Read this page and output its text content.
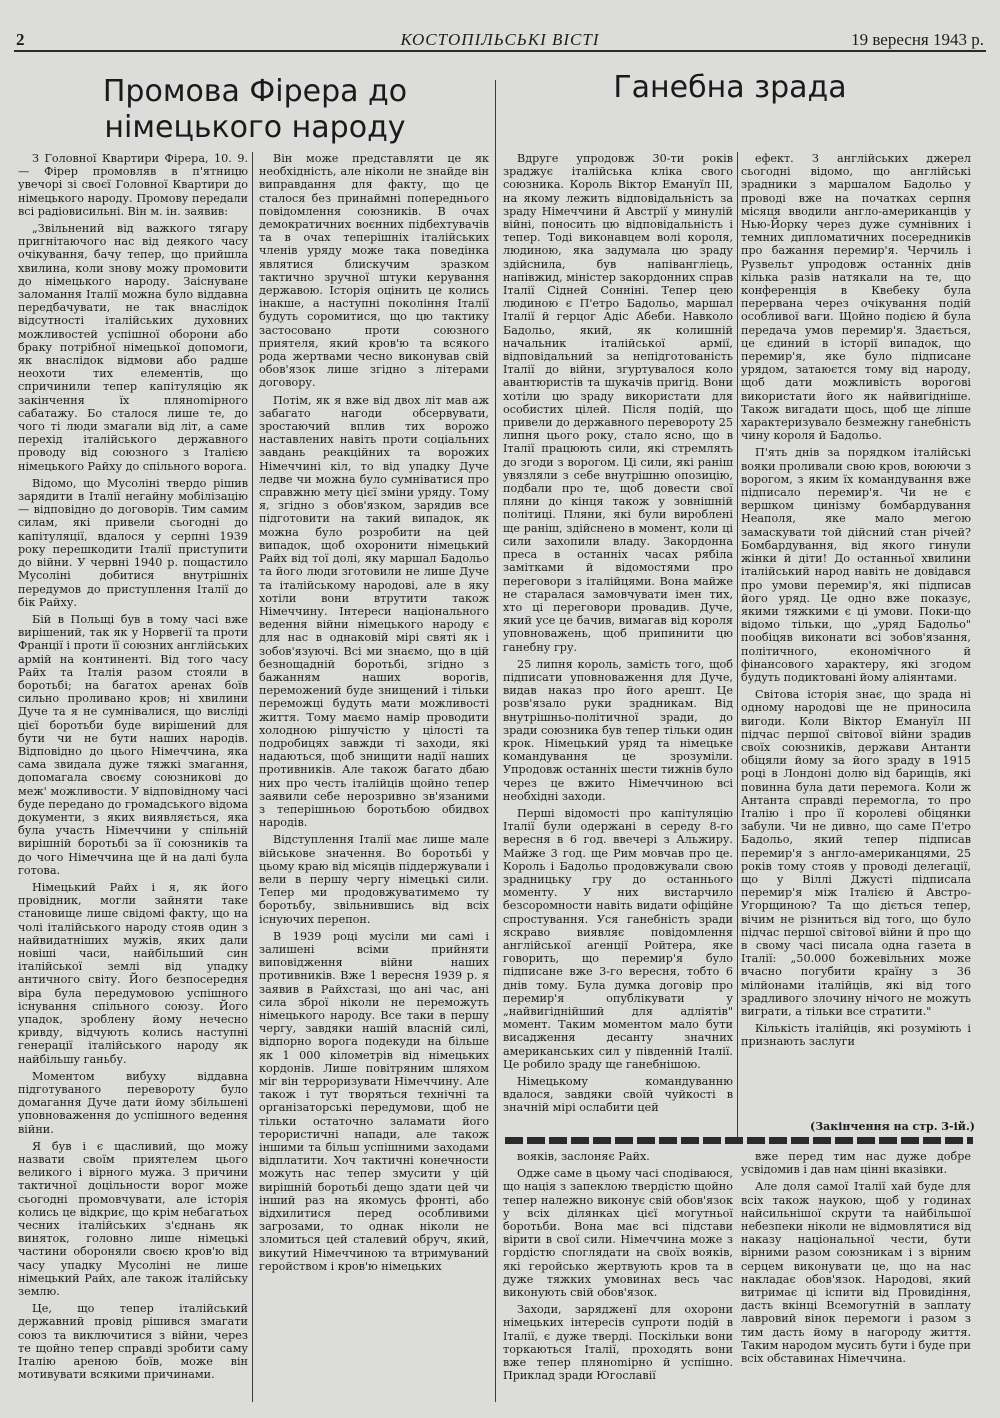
2	КОСТОПІЛЬСЬКІ ВІСТІ	19 вересня 1943 р.
Промова Фірера до
німецького народу
Ганебна зрада

З Головної Квартири Фірера, 10. 9. — Фірер промовляв в п'ятницю увечорі зі своєї Головної Квартири до німецького народу. Промову передали всі радіовисильні. Він м. ін. заявив:

„Звільнений від важкого тягару пригнітаючого нас від деякого часу очікування, бачу тепер, що прийшла хвилина, коли знову можу промовити до німецького народу. Заіснуване заломання Італії можна було віддавна передбачувати, не так внаслідок відсутності італійських духовних можливостей успішної оборони або браку потрібної німецької допомоги, як внаслідок відмови або радше неохоти тих елементів, що спричинили тепер капітуляцію як закінчення їх плянomірного сабатажу. Бо сталося лише те, до чого ті люди змагали від літ, а саме перехід італійського державного проводу від союзного з Італією німецького Райху до спільного ворога.

Відомо, що Мусоліні твердо рішив зарядити в Італії негайну мобілізацію — відповідно до договорів. Тим самим силам, які привели сьогодні до капітуляції, вдалося у серпні 1939 року перешкодити Італії приступити до війни. У червні 1940 р. пощастило Мусоліні добитися внутрішніх передумов до приступлення Італії до бік Райху.

Бій в Польщі був в тому часі вже вирішений, так як у Норвегії та проти Франції і проти її союзних англійських армій на континенті. Від того часу Райх та Італія разом стояли в боротьбі; на багатох аренах боїв сильно проливано кров; ні хвилини Дуче та я не сумнівалися, що висліді цієї боротьби буде вирішений для бути чи не бути наших народів. Відповідно до цього Німеччина, яка сама звидала дуже тяжкі змагання, допомагала своєму союзникові до меж' можливости. У відповідному часі буде передано до громадського відома документи, з яких виявляється, яка була участь Німеччини у спільній вирішній боротьбі за її союзників та до чого Німеччина ще й на далі була готова.

Німецький Райх і я, як його провідник, могли зайняти таке становище лише свідомі факту, що на чолі італійського народу стояв один з найвидатніших мужів, яких дали новіші часи, найбільший син італійської землі від упадку античного світу. Його безпосередня віра була передумовою успішного існування спільного союзу. Його упадок, зроблену йому нечесно кривду, відчують колись наступні генерації італійського народу як найбільшу ганьбу.

Моментом вибуху віддавна підготуваного перевороту було домагання Дуче дати йому збільшені уповноваження до успішного ведення війни.

Я був і є щасливий, що можу назвати своїм приятелем цього великого і вірного мужа. З причини тактичної доцільности ворог може сьогодні промовчувати, але історія колись це відкриє, що крім небагатьох чесних італійських з'єднань як виняток, головно лише німецькі частини обороняли своєю кров'ю від часу упадку Мусоліні не лише німецький Райх, але також італійську землю.

Це, що тепер італійський державний провід рішився змагати союз та виключитися з війни, через те щойно тепер справді зробити саму Італію ареною боїв, може він мотивувати всякими причинами.

Він може представляти це як необхідність, але ніколи не знайде він виправдання для факту, що це сталося без принаймні попереднього повідомлення союзників. В очах демократичних воєнних підбехтувачів та в очах теперішніх італійських членів уряду може така поведінка являтися блискучим зразком тактично зручної штуки керування державою. Історія оцінить це колись інакше, а наступні покоління Італії будуть соромитися, що цю тактику застосовано проти союзного приятеля, який кров'ю та всякого рода жертвами чесно виконував свій обов'язок лише згідно з літерами договору.

Потім, як я вже від двох літ мав аж забагато нагоди обсервувати, зростаючий вплив тих ворожо наставлених навіть проти соціальних завдань реакційних та ворожих Німеччині кіл, то від упадку Дуче ледве чи можна було сумніватися про справжню мету цієї зміни уряду. Тому я, згідно з обов'язком, зарядив все підготовити на такий випадок, як можна було розробити на цей випадок, щоб охоронити німецький Райх від тої долі, яку маршал Бадольо та його люди зготовили не лише Дуче та італійському народові, але в яку хотіли вони втрутити також Німеччину. Інтереси національного ведення війни німецького народу є для нас в однаковій мірі святі як і зобов'язуючі. Всі ми знаємо, що в цій безнощадній боротьбі, згідно з бажанням наших ворогів, переможений буде знищений і тільки переможці будуть мати можливості життя. Тому маємо намір проводити холодною рішучістю у цілості та подробицях завжди ті заходи, які надаються, щоб знищити надії наших противників. Але також багато дбаю них про честь італійців щойно тепер заявили себе нерозривно зв'язаними з теперішньою боротьбою обидвох народів.

Відступлення Італії має лише мале військове значення. Во боротьбі у цьому краю від місяців піддержували і вели в першу чергу німецькі сили. Тепер ми продовжуватимемо ту боротьбу, звільнившись від всіх існуючих перепон.

В 1939 році мусіли ми самі і залишені всіми прийняти виповідження війни наших противників. Вже 1 вересня 1939 р. я заявив в Райхстазі, що ані час, ані сила зброї ніколи не переможуть німецького народу. Все таки в першу чергу, завдяки нашій власній силі, відпорно ворога подекуди на більше як 1 000 кілометрів від німецьких кордонів. Лише повітряним шляхом міг він терроризувати Німеччину. Але також і тут творяться технічні та організаторські передумови, щоб не тільки остаточно заламати його терористичні напади, але також іншими та більш успішними заходами відплатити. Хоч тактичні конечности можуть нас тепер змусити у цій вирішній боротьбі дещо здати цей чи інший раз на якомусь фронті, або відхилитися перед особливими загрозами, то однак ніколи не зломиться цей сталевий обруч, який, викутий Німеччиною та втримуваний геройством і кров'ю німецьких

Вдруге упродовж 30-ти років зраджує італійська кліка свого союзника. Король Віктор Емануїл III, на якому лежить відповідальність за зраду Німеччини й Австрії у минулій війні, поносить цю відповідальність і тепер. Тоді виконавцем волі короля, людиною, яка задумала цю зраду здійснила, був напівангліець, напівжид, міністер закордонних справ Італії Сідней Соннінi. Тепер цею людиною є П'етро Бадольо, маршал Італії й герцог Адіс Абеби. Навколо Бадольо, який, як колишній начальник італійської армії, відповідальний за непідготованість Італії до війни, згуртувалося коло авантюристів та шукачів пригід. Вони хотіли цю зраду використати для особистих цілей. Після подій, що привели до державного перевороту 25 липня цього року, стало ясно, що в Італії працюють сили, які стремлять до згоди з ворогом. Ці сили, які раніш увязляли з себе внутрішню опозицію, подбали про те, щоб довести свої пляни до кінця також у зовнішній політиці. Пляни, які були вироблені ще раніш, здійснено в момент, коли ці сили захопили владу. Закордонна преса в останніх часах рябіла замітками й відомостями про переговори з італійцями. Вона майже не старалася замовчувати імен тих, хто ці переговори провадив. Дуче, який усе це бачив, вимагав від короля уповноважень, щоб припинити цю ганебну гру.

25 липня король, замість того, щоб підписати уповноваження для Дуче, видав наказ про його арешт. Це розв'язало руки зрадникам. Від внутрішньо-політичної зради, до зради союзника був тепер тільки один крок. Німецький уряд та німецьке командування це зрозуміли. Упродовж останніх шести тижнів було через це вжито Німеччиною всі необхідні заходи.

Перші відомості про капітуляцію Італії були одержані в середу 8-го вересня в 6 год. ввечері з Альжиру. Майже 3 год. ще Рим мовчав про це. Король і Бадольо продовжували свою зрадницьку гру до останнього моменту. У них вистарчило безсоромности навіть видати офіційне спростування. Уся ганебність зради яскраво виявляє повідомлення англійської агенції Ройтера, яке говорить, що перемир'я було підписане вже 3-го вересня, тобто 6 днів тому. Була думка договір про перемир'я опублікувати у „найвигіднійший для адліятів" момент. Таким моментом мало бути висадження десанту значних американських сил у південній Італії. Це робило зраду ще ганебнішою.

Німецькому командуванню вдалося, завдяки своїй чуйкості в значній мірі ослабити цей

ефект. З англійських джерел сьогодні відомо, що англійські зрадники з маршалом Бадольо у проводі вже на початках серпня місяця вводили англо-американців у Нью-Йорку через дуже сумнівних і темних дипломатичних посередників про бажання перемир'я. Черчиль і Рузвельт упродовж останніх днів кілька разів натякали на те, що конференція в Квебеку була перервана через очікування подій особливої ваги. Щойно подією й була передача умов перемир'я. Здається, це єдиний в історії випадок, що перемир'я, яке було підписане урядом, затаюєтся тому від народу, щоб дати можливість ворогові використати його як найвигідніше. Також вигадати щось, щоб ще ліпше характеризувало безмежну ганебність чину короля й Бадольо.

П'ять днів за порядком італійські вояки проливали свою кров, воюючи з ворогом, з яким їх командування вже підписало перемир'я. Чи не є вершком цинізму бомбардування Неаполя, яке мало мегою замаскувати той дійсний стан річей? Бомбардування, від якого гинули жінки й діти! До останньої хвилини італійський народ навіть не довідався про умови перемир'я, які підписав його уряд. Це одно вже показує, якими тяжкими є ці умови. Поки-що відомо тільки, що „уряд Бадольо" пообіцяв виконати всі зобов'язання, політичного, економічного й фінансового характеру, які згодом будуть подиктовані йому аліянтами.

Світова історія знає, що зрада ні одному народові ще не приносила вигоди. Коли Віктор Емануїл III підчас першої світової війни зрадив своїх союзників, держави Антанти обіцяли йому за його зраду в 1915 році в Лондоні долю від барищів, які повинна була дати перемога. Коли ж Антанта справді перемогла, то про Італію і про її королеві обіцянки забули. Чи не дивно, що саме П'етро Бадольо, який тепер підписав перемир'я з англо-американцями, 25 років тому стояв у проводі делегації, що у Віллі Джусті підписала перемир'я між Італією й Австро-Угорщиною? Та що діється тепер, вічим не різниться від того, що було підчас першої світової війни й про що в свому часі писала одна газета в Італії: „50.000 божевільних може вчасно погубити країну з 36 мілйонами італійців, які від того зрадливого злочину нічого не можуть виграти, а тільки все стратити."

Кількість італійців, які розуміють і признають заслуги

(Закінчення на стр. 3-ій.)

вояків, заслоняє Райх.

Одже саме в цьому часі сподіваюся, що нація з запеклою твердістю щойно тепер належно виконує свій обов'язок у всіх ділянках цієї могутньої боротьби. Вона має всі підстави вірити в свої сили. Німеччина може з гордістю споглядати на своїх вояків, які геройсько жертвують кров та в дуже тяжких умовинах весь час виконують свій обов'язок.

Заходи, зарядженї для охорони німецьких інтересів супроти подій в Італії, є дуже тверді. Поскільки вони торкаються Італії, проходять вони вже тепер плянomірно й успішно. Приклад зради Югославії

вже перед тим нас дуже добре усвідомив і дав нам цінні вказівки.

Але доля самої Італії хай буде для всіх також наукою, щоб у годинах найсильнішої скрути та найбільшої небезпеки ніколи не відмовлятися від наказу національної чести, бути вірними разом союзникам і з вірним серцем виконувати це, що на нас накладає обов'язок. Народові, який витримає ці іспити від Провидіння, дасть вкінці Всемогутній в заплату лавровий вінок перемоги і разом з тим дасть йому в нагороду життя. Таким народом мусить бути і буде при всіх обставинах Німеччина.
